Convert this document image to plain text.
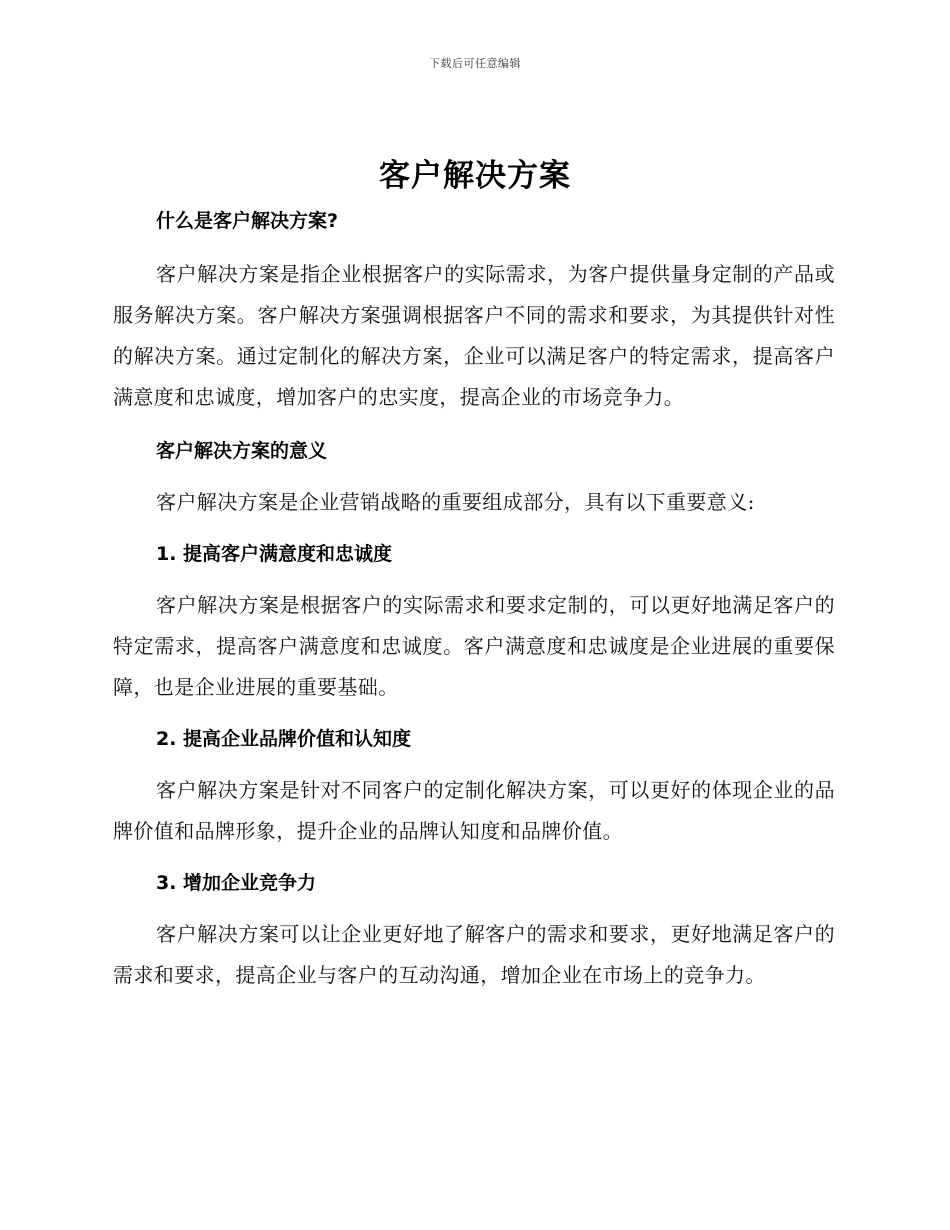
下载后可任意编辑
客户解决方案

什么是客户解决方案?

客户解决方案是指企业根据客户的实际需求，为客户提供量身定制的产品或服务解决方案。客户解决方案强调根据客户不同的需求和要求，为其提供针对性的解决方案。通过定制化的解决方案，企业可以满足客户的特定需求，提高客户满意度和忠诚度，增加客户的忠实度，提高企业的市场竞争力。

客户解决方案的意义

客户解决方案是企业营销战略的重要组成部分，具有以下重要意义:

1. 提高客户满意度和忠诚度

客户解决方案是根据客户的实际需求和要求定制的，可以更好地满足客户的特定需求，提高客户满意度和忠诚度。客户满意度和忠诚度是企业进展的重要保障，也是企业进展的重要基础。

2. 提高企业品牌价值和认知度

客户解决方案是针对不同客户的定制化解决方案，可以更好的体现企业的品牌价值和品牌形象，提升企业的品牌认知度和品牌价值。

3. 增加企业竞争力

客户解决方案可以让企业更好地了解客户的需求和要求，更好地满足客户的需求和要求，提高企业与客户的互动沟通，增加企业在市场上的竞争力。
